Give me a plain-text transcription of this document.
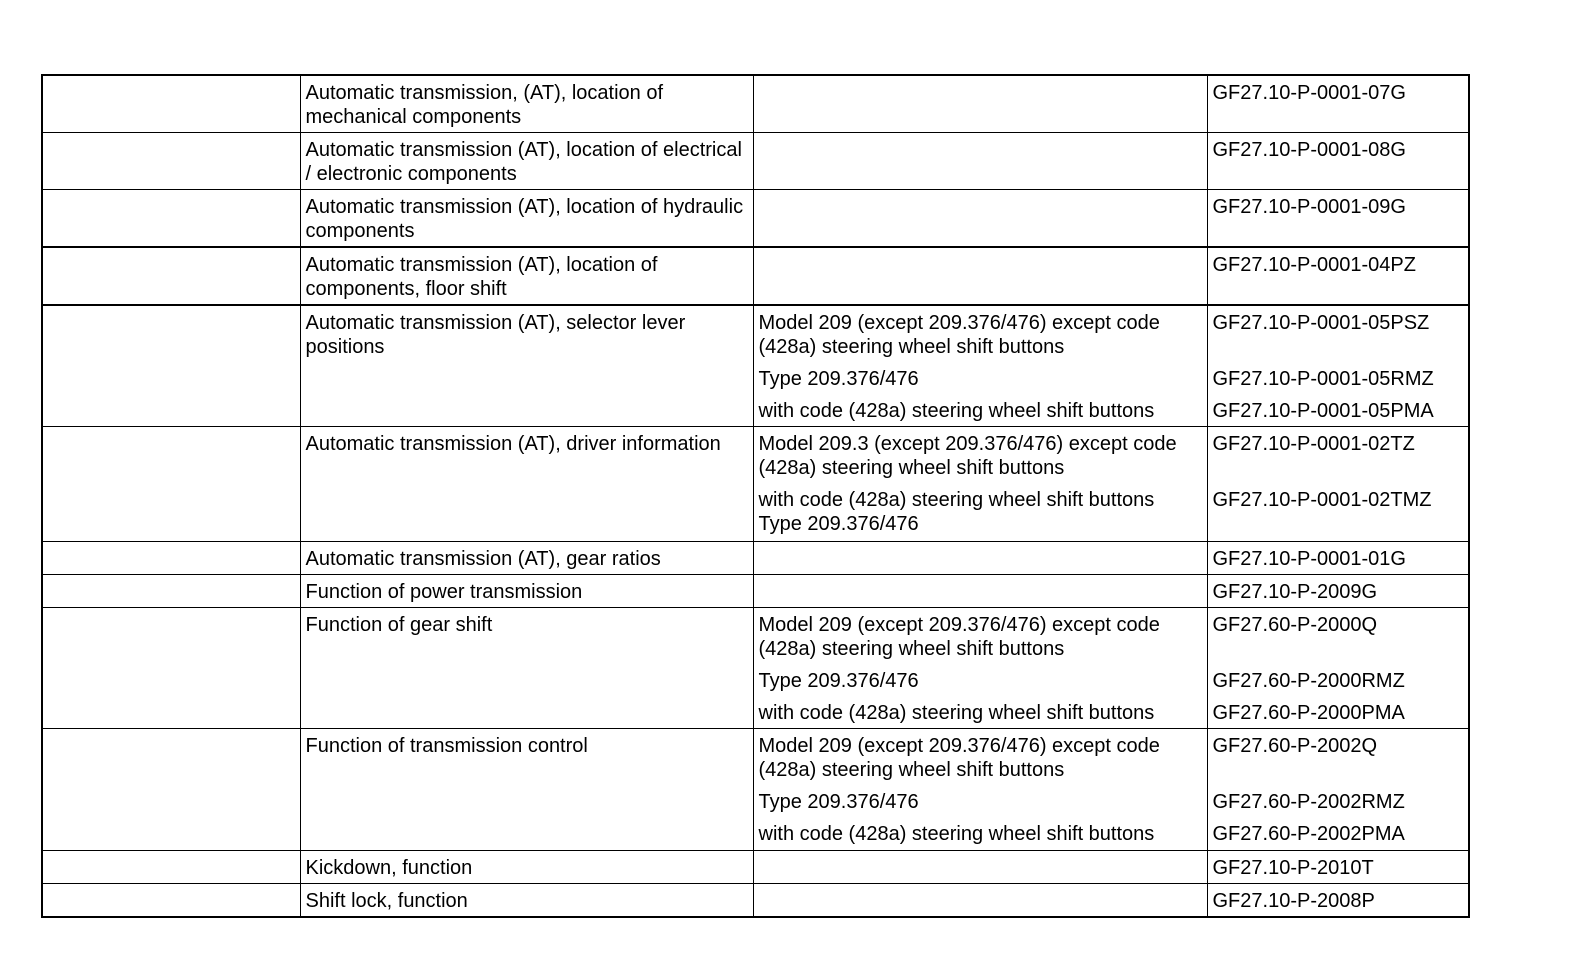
	Automatic transmission, (AT), location of mechanical components		GF27.10-P-0001-07G

	Automatic transmission (AT), location of electrical / electronic components		GF27.10-P-0001-08G

	Automatic transmission (AT), location of hydraulic components		GF27.10-P-0001-09G

	Automatic transmission (AT), location of components, floor shift		GF27.10-P-0001-04PZ

	Automatic transmission (AT), selector lever positions	Model 209 (except 209.376/476) except code (428a) steering wheel shift buttons	GF27.10-P-0001-05PSZ

		Type 209.376/476	GF27.10-P-0001-05RMZ

		with code (428a) steering wheel shift buttons	GF27.10-P-0001-05PMA

	Automatic transmission (AT), driver information	Model 209.3 (except 209.376/476) except code (428a) steering wheel shift buttons	GF27.10-P-0001-02TZ

		with code (428a) steering wheel shift buttons Type 209.376/476	GF27.10-P-0001-02TMZ

	Automatic transmission (AT), gear ratios		GF27.10-P-0001-01G

	Function of power transmission		GF27.10-P-2009G

	Function of gear shift	Model 209 (except 209.376/476) except code (428a) steering wheel shift buttons	GF27.60-P-2000Q

		Type 209.376/476	GF27.60-P-2000RMZ

		with code (428a) steering wheel shift buttons	GF27.60-P-2000PMA

	Function of transmission control	Model 209 (except 209.376/476) except code (428a) steering wheel shift buttons	GF27.60-P-2002Q

		Type 209.376/476	GF27.60-P-2002RMZ

		with code (428a) steering wheel shift buttons	GF27.60-P-2002PMA

	Kickdown, function		GF27.10-P-2010T

	Shift lock, function		GF27.10-P-2008P
